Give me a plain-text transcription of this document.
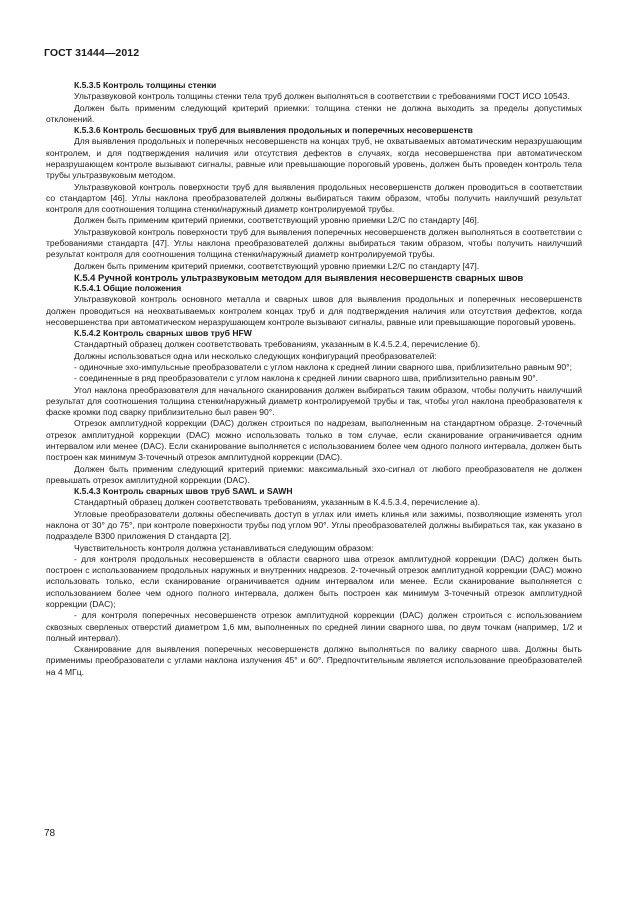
ГОСТ 31444—2012

К.5.3.5 Контроль толщины стенки

Ультразвуковой контроль толщины стенки тела труб должен выполняться в соответствии с требованиями ГОСТ ИСО 10543.

Должен быть применим следующий критерий приемки: толщина стенки не должна выходить за пределы допустимых отклонений.

К.5.3.6 Контроль бесшовных труб для выявления продольных и поперечных несовершенств

Для выявления продольных и поперечных несовершенств на концах труб, не охватываемых автоматическим неразрушающим контролем, и для подтверждения наличия или отсутствия дефектов в случаях, когда несовершенства при автоматическом неразрушающем контроле вызывают сигналы, равные или превышающие пороговый уровень, должен быть проведен контроль тела трубы ультразвуковым методом.

Ультразвуковой контроль поверхности труб для выявления продольных несовершенств должен проводиться в соответствии со стандартом [46]. Углы наклона преобразователей должны выбираться таким образом, чтобы получить наилучший результат контроля для соотношения толщина стенки/наружный диаметр контролируемой трубы.

Должен быть применим критерий приемки, соответствующий уровню приемки L2/C по стандарту [46].

Ультразвуковой контроль поверхности труб для выявления поперечных несовершенств должен выполняться в соответствии с требованиями стандарта [47]. Углы наклона преобразователей должны выбираться таким образом, чтобы получить наилучший результат контроля для соотношения толщина стенки/наружный диаметр контролируемой трубы.

Должен быть применим критерий приемки, соответствующий уровню приемки L2/C по стандарту [47].

К.5.4 Ручной контроль ультразвуковым методом для выявления несовершенств сварных швов

К.5.4.1 Общие положения

Ультразвуковой контроль основного металла и сварных швов для выявления продольных и поперечных несовершенств должен проводиться на неохватываемых контролем концах труб и для подтверждения наличия или отсутствия дефектов, когда несовершенства при автоматическом неразрушающем контроле вызывают сигналы, равные или превышающие пороговый уровень.

К.5.4.2 Контроль сварных швов труб HFW

Стандартный образец должен соответствовать требованиям, указанным в К.4.5.2.4, перечисление б).

Должны использоваться одна или несколько следующих конфигураций преобразователей:

- одиночные эхо-импульсные преобразователи с углом наклона к средней линии сварного шва, приблизительно равным 90°;

- соединенные в ряд преобразователи с углом наклона к средней линии сварного шва, приблизительно равным 90°.

Угол наклона преобразователя для начального сканирования должен выбираться таким образом, чтобы получить наилучший результат для соотношения толщина стенки/наружный диаметр контролируемой трубы и так, чтобы угол наклона преобразователя к фаске кромки под сварку приблизительно был равен 90°.

Отрезок амплитудной коррекции (DAC) должен строиться по надрезам, выполненным на стандартном образце. 2-точечный отрезок амплитудной коррекции (DAC) можно использовать только в том случае, если сканирование ограничивается одним интервалом или менее (DAC). Если сканирование выполняется с использованием более чем одного полного интервала, должен быть построен как минимум 3-точечный отрезок амплитудной коррекции (DAC).

Должен быть применим следующий критерий приемки: максимальный эхо-сигнал от любого преобразователя не должен превышать отрезок амплитудной коррекции (DAC).

К.5.4.3 Контроль сварных швов труб SAWL и SAWH

Стандартный образец должен соответствовать требованиям, указанным в К.4.5.3.4, перечисление а).

Угловые преобразователи должны обеспечивать доступ в углах или иметь клинья или зажимы, позволяющие изменять угол наклона от 30° до 75°, при контроле поверхности трубы под углом 90°. Углы преобразователей должны выбираться так, как указано в подразделе В300 приложения D стандарта [2].

Чувствительность контроля должна устанавливаться следующим образом:

- для контроля продольных несовершенств в области сварного шва отрезок амплитудной коррекции (DAC) должен быть построен с использованием продольных наружных и внутренних надрезов. 2-точечный отрезок амплитудной коррекции (DAC) можно использовать только, если сканирование ограничивается одним интервалом или менее. Если сканирование выполняется с использованием более чем одного полного интервала, должен быть построен как минимум 3-точечный отрезок амплитудной коррекции (DAC);

- для контроля поперечных несовершенств отрезок амплитудной коррекции (DAC) должен строиться с использованием сквозных сверленых отверстий диаметром 1,6 мм, выполненных по средней линии сварного шва, по двум точкам (например, 1/2 и полный интервал).

Сканирование для выявления поперечных несовершенств должно выполняться по валику сварного шва. Должны быть применимы преобразователи с углами наклона излучения 45° и 60°. Предпочтительным является использование преобразователей на 4 МГц.

78
